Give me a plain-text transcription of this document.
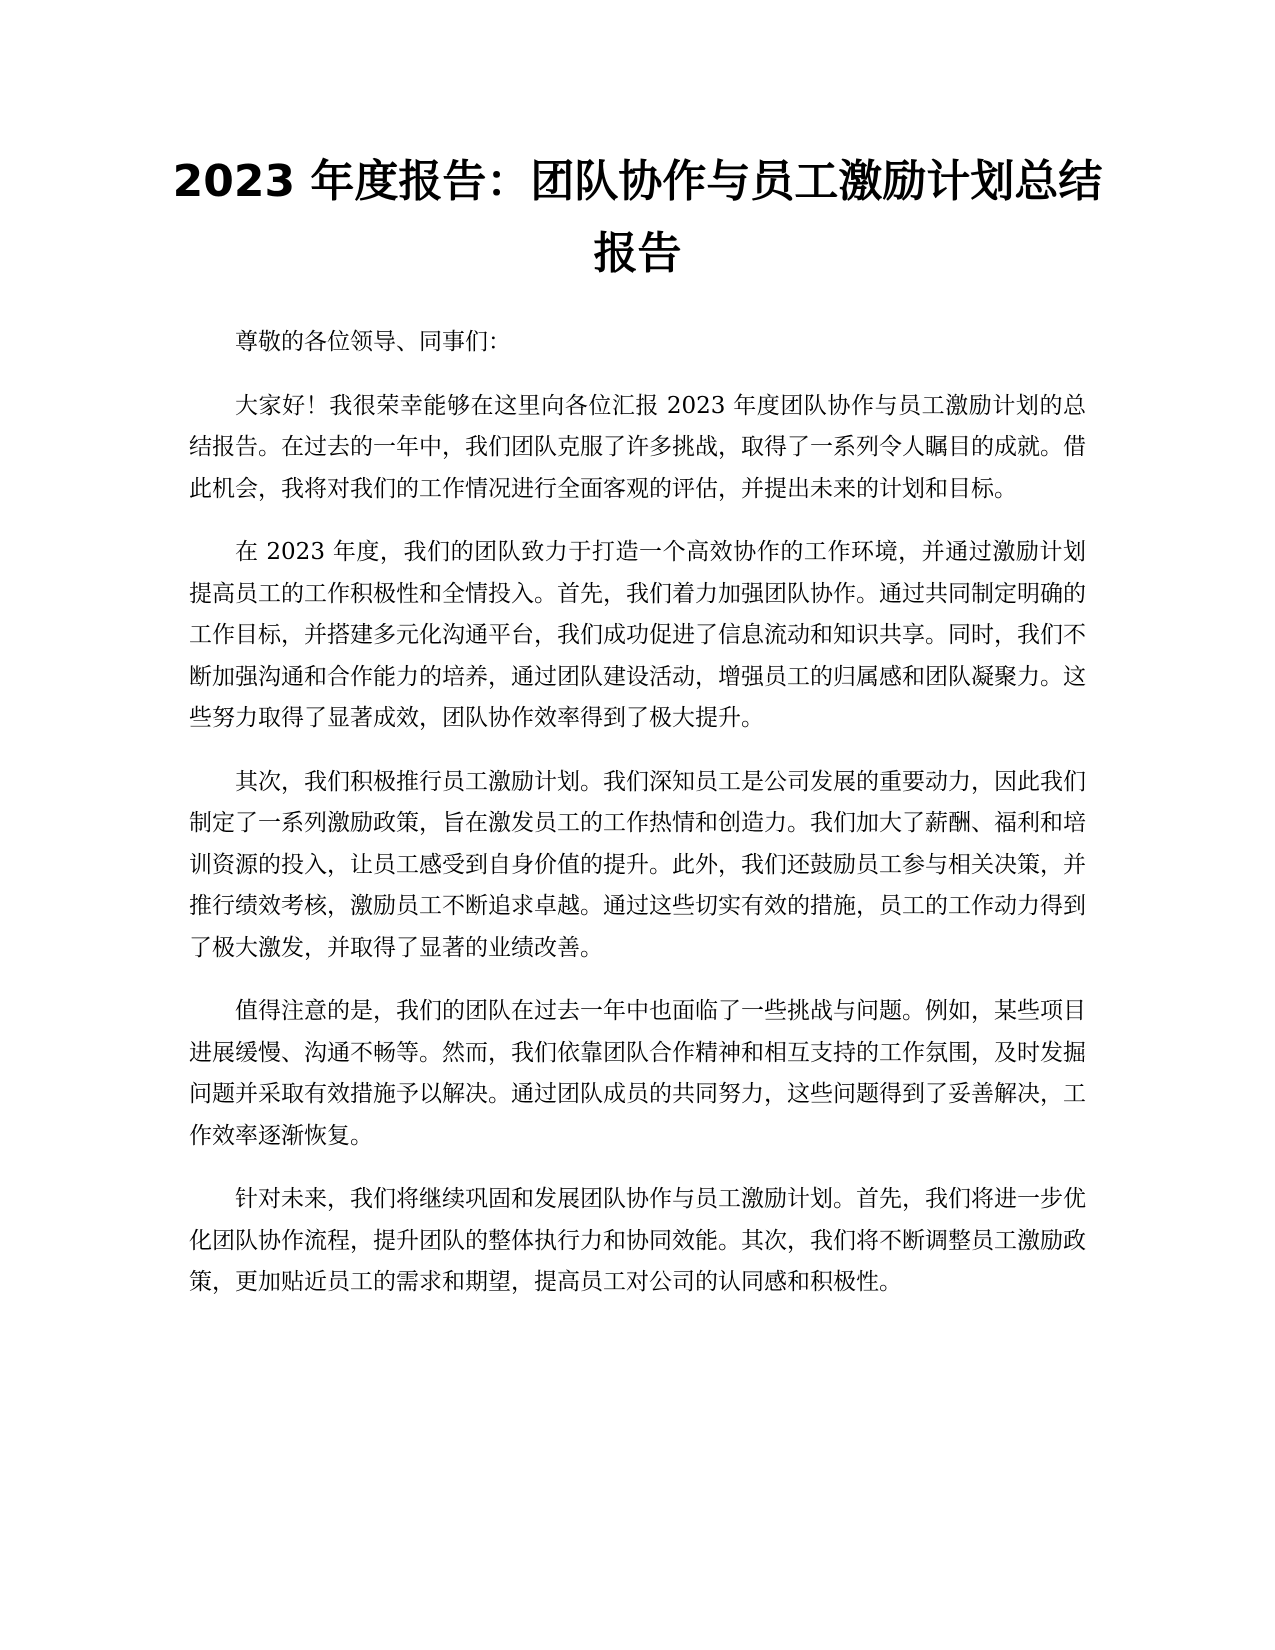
2023 年度报告：团队协作与员工激励计划总结报告

尊敬的各位领导、同事们：

大家好！我很荣幸能够在这里向各位汇报 2023 年度团队协作与员工激励计划的总结报告。在过去的一年中，我们团队克服了许多挑战，取得了一系列令人瞩目的成就。借此机会，我将对我们的工作情况进行全面客观的评估，并提出未来的计划和目标。

在 2023 年度，我们的团队致力于打造一个高效协作的工作环境，并通过激励计划提高员工的工作积极性和全情投入。首先，我们着力加强团队协作。通过共同制定明确的工作目标，并搭建多元化沟通平台，我们成功促进了信息流动和知识共享。同时，我们不断加强沟通和合作能力的培养，通过团队建设活动，增强员工的归属感和团队凝聚力。这些努力取得了显著成效，团队协作效率得到了极大提升。

其次，我们积极推行员工激励计划。我们深知员工是公司发展的重要动力，因此我们制定了一系列激励政策，旨在激发员工的工作热情和创造力。我们加大了薪酬、福利和培训资源的投入，让员工感受到自身价值的提升。此外，我们还鼓励员工参与相关决策，并推行绩效考核，激励员工不断追求卓越。通过这些切实有效的措施，员工的工作动力得到了极大激发，并取得了显著的业绩改善。

值得注意的是，我们的团队在过去一年中也面临了一些挑战与问题。例如，某些项目进展缓慢、沟通不畅等。然而，我们依靠团队合作精神和相互支持的工作氛围，及时发掘问题并采取有效措施予以解决。通过团队成员的共同努力，这些问题得到了妥善解决，工作效率逐渐恢复。

针对未来，我们将继续巩固和发展团队协作与员工激励计划。首先，我们将进一步优化团队协作流程，提升团队的整体执行力和协同效能。其次，我们将不断调整员工激励政策，更加贴近员工的需求和期望，提高员工对公司的认同感和积极性。
